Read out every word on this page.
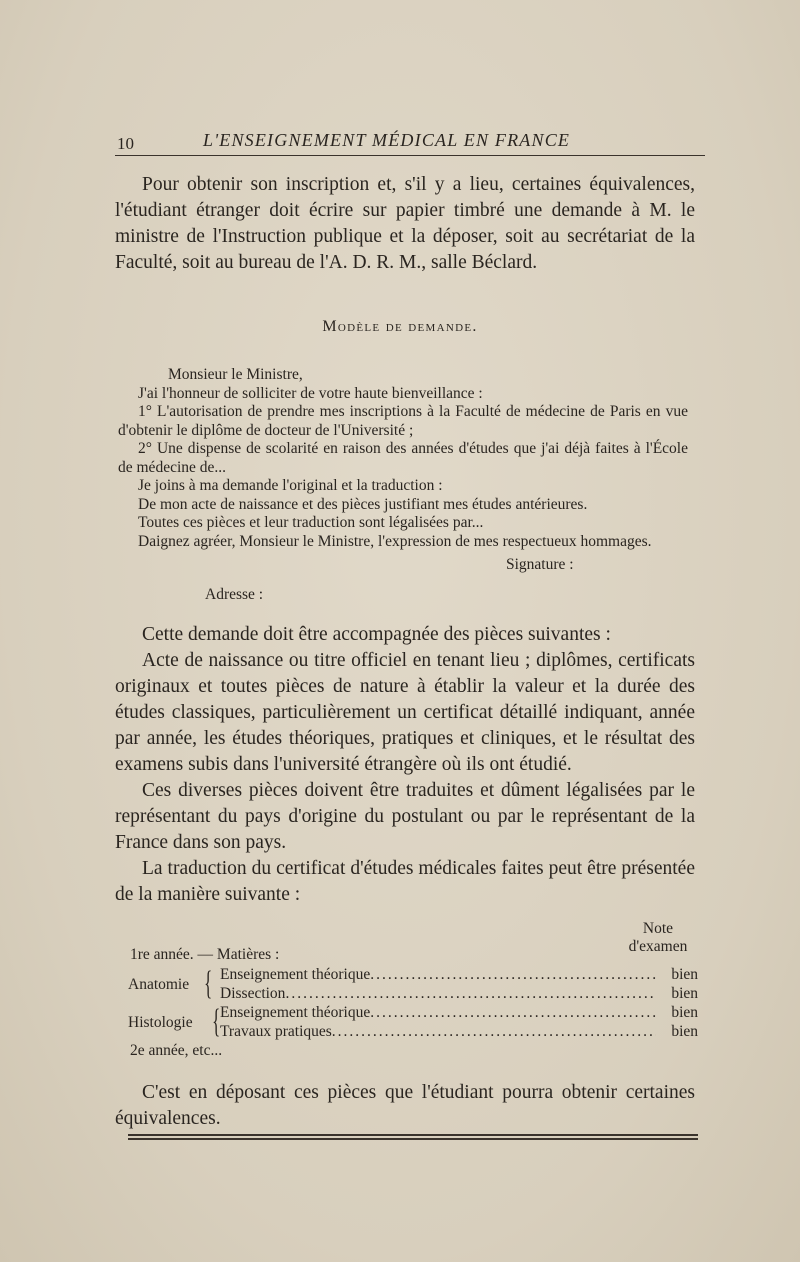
10	L'ENSEIGNEMENT MÉDICAL EN FRANCE

Pour obtenir son inscription et, s'il y a lieu, certaines équivalences, l'étudiant étranger doit écrire sur papier timbré une demande à M. le ministre de l'Instruction publique et la déposer, soit au secrétariat de la Faculté, soit au bureau de l'A. D. R. M., salle Béclard.

Modèle de demande.

Monsieur le Ministre,

J'ai l'honneur de solliciter de votre haute bienveillance :

1° L'autorisation de prendre mes inscriptions à la Faculté de médecine de Paris en vue d'obtenir le diplôme de docteur de l'Université ;

2° Une dispense de scolarité en raison des années d'études que j'ai déjà faites à l'École de médecine de...

Je joins à ma demande l'original et la traduction :

De mon acte de naissance et des pièces justifiant mes études antérieures.

Toutes ces pièces et leur traduction sont légalisées par...

Daignez agréer, Monsieur le Ministre, l'expression de mes respectueux hommages.

Signature :
Adresse :

Cette demande doit être accompagnée des pièces suivantes :

Acte de naissance ou titre officiel en tenant lieu ; diplômes, certificats originaux et toutes pièces de nature à établir la valeur et la durée des études classiques, particulièrement un certificat détaillé indiquant, année par année, les études théoriques, pratiques et cliniques, et le résultat des examens subis dans l'université étrangère où ils ont étudié.

Ces diverses pièces doivent être traduites et dûment légalisées par le représentant du pays d'origine du postulant ou par le représentant de la France dans son pays.

La traduction du certificat d'études médicales faites peut être présentée de la manière suivante :

Note d'examen
1re année. — Matières :
Anatomie { Enseignement théorique .....	bien
Dissection .....	bien
Histologie { Enseignement théorique .....	bien
Travaux pratiques .....	bien
2e année, etc...

C'est en déposant ces pièces que l'étudiant pourra obtenir certaines équivalences.
